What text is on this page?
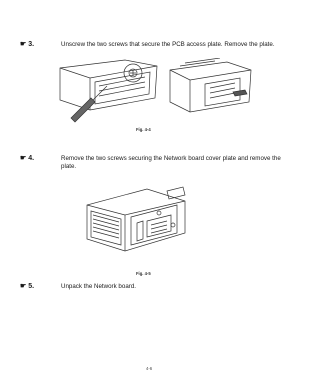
☛ 3.	Unscrew the two screws that secure the PCB access plate. Remove the plate.
Fig. 4-4
☛ 4.	Remove the two screws securing the Network board cover plate and remove the plate.
Fig. 4-5
☛ 5.	Unpack the Network board.
4-6
